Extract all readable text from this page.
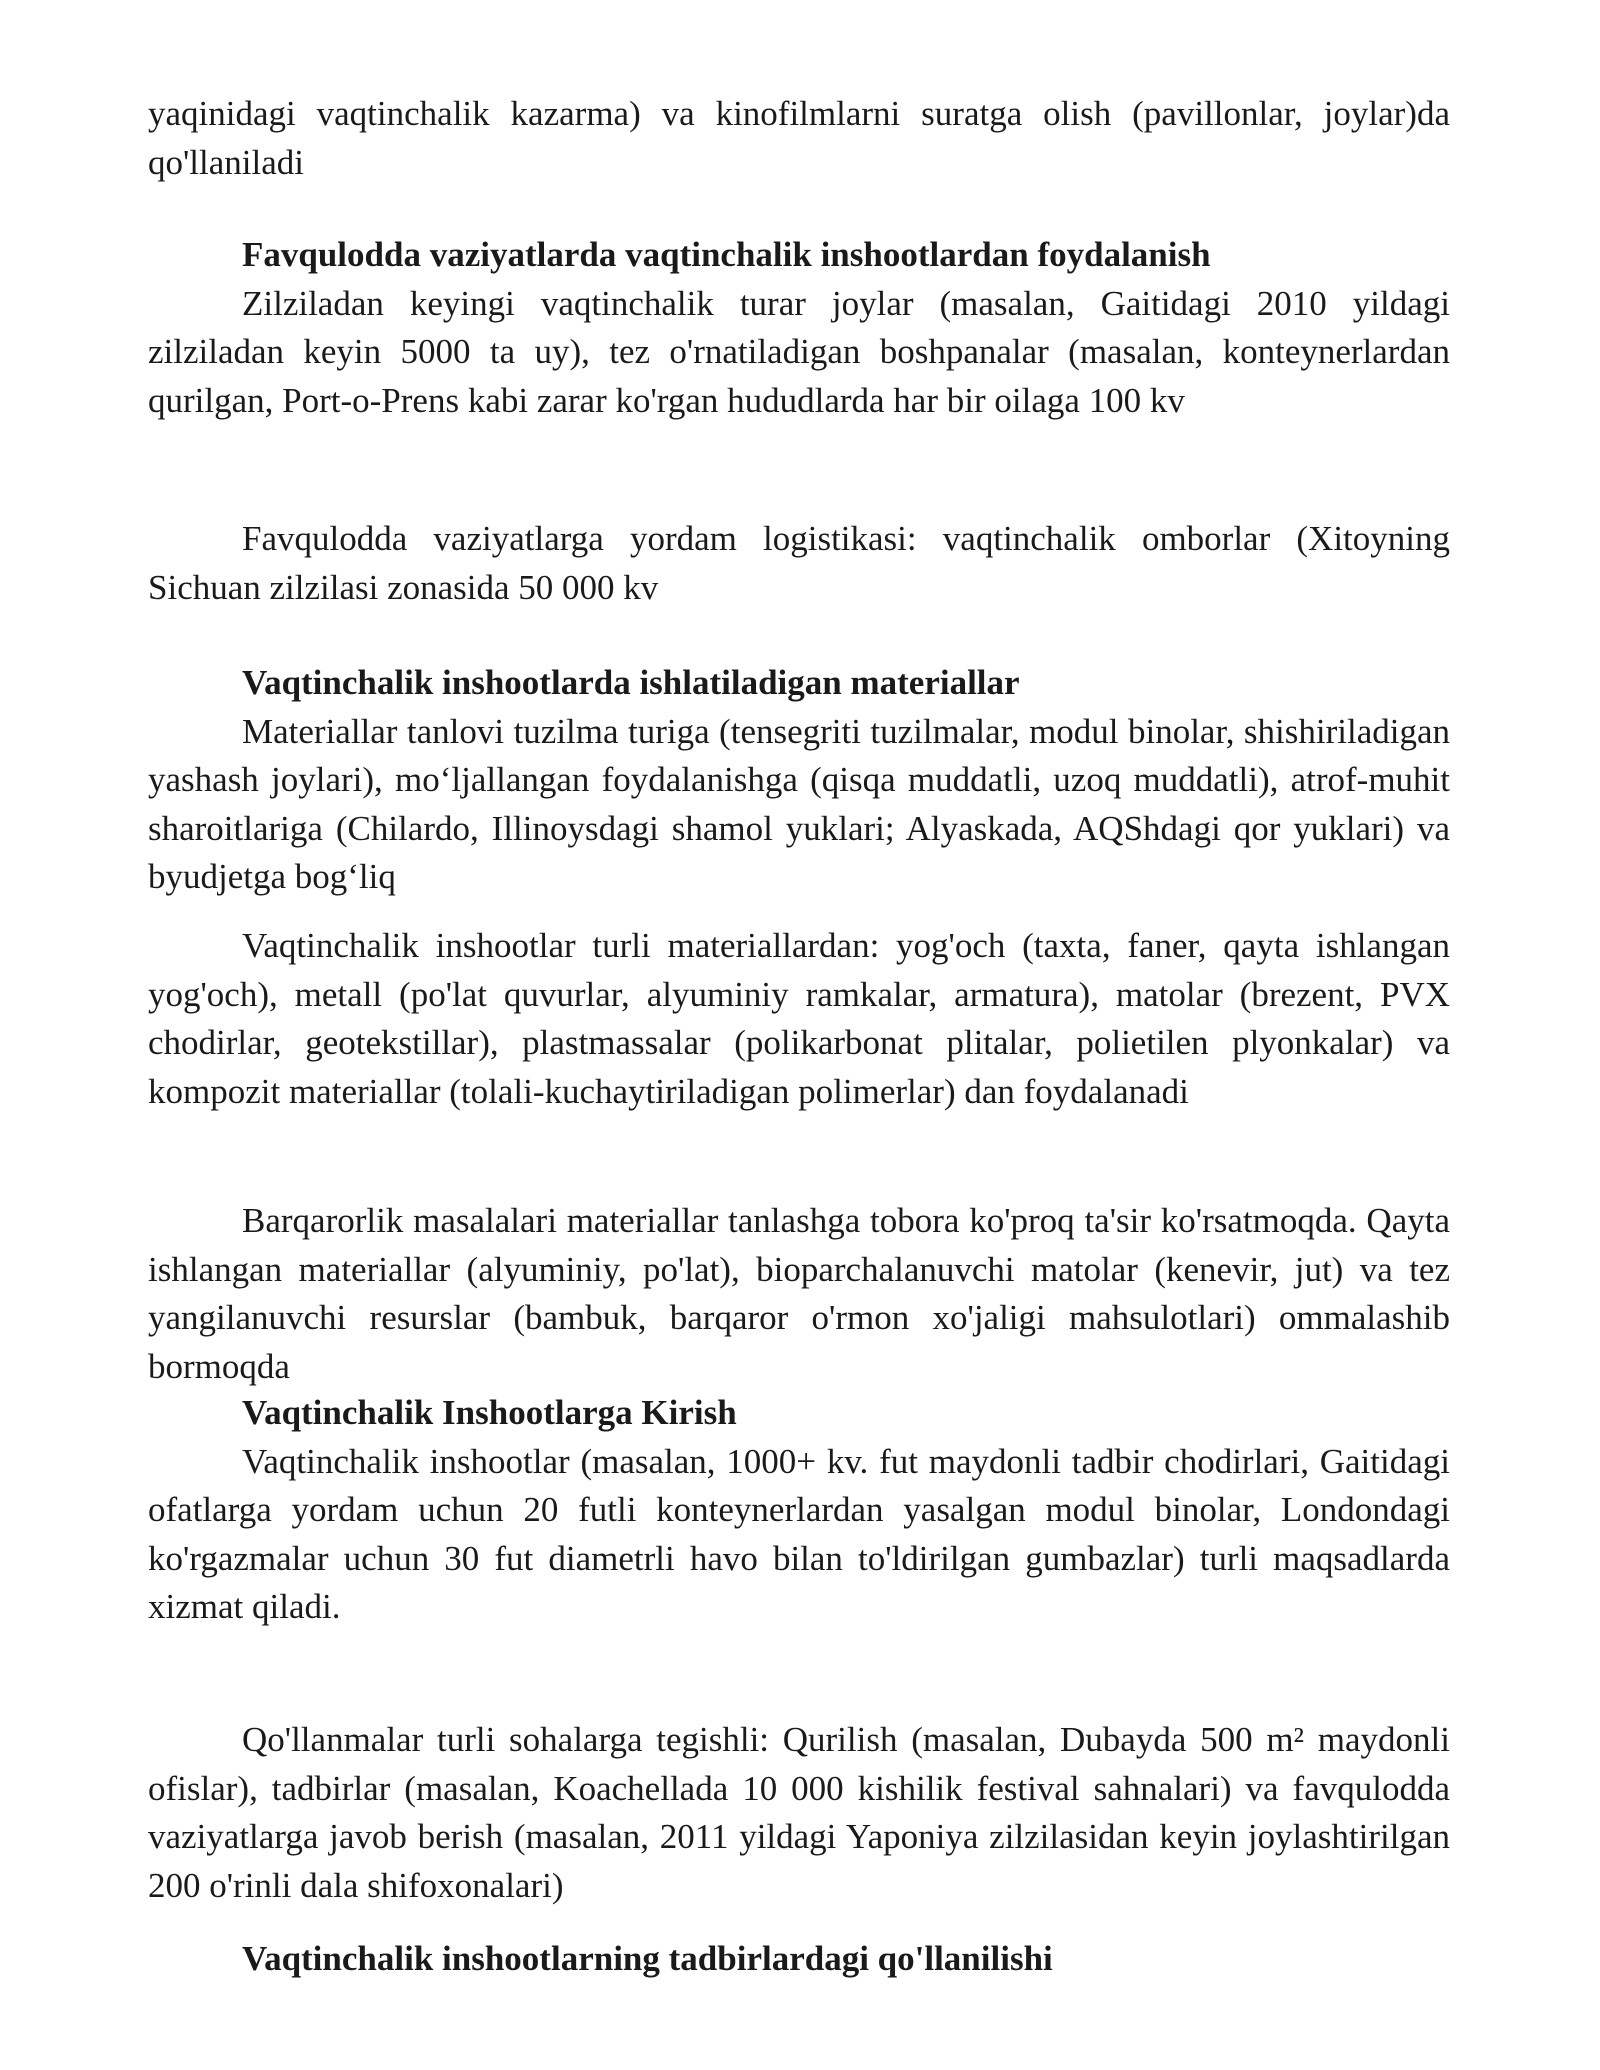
yaqinidagi vaqtinchalik kazarma) va kinofilmlarni suratga olish (pavillonlar, joylar)da qo'llaniladi

Favqulodda vaziyatlarda vaqtinchalik inshootlardan foydalanish

Zilziladan keyingi vaqtinchalik turar joylar (masalan, Gaitidagi 2010 yildagi zilziladan keyin 5000 ta uy), tez o'rnatiladigan boshpanalar (masalan, konteynerlardan qurilgan, Port-o-Prens kabi zarar ko'rgan hududlarda har bir oilaga 100 kv

Favqulodda vaziyatlarga yordam logistikasi: vaqtinchalik omborlar (Xitoyning Sichuan zilzilasi zonasida 50 000 kv

Vaqtinchalik inshootlarda ishlatiladigan materiallar

Materiallar tanlovi tuzilma turiga (tensegriti tuzilmalar, modul binolar, shishiriladigan yashash joylari), mo‘ljallangan foydalanishga (qisqa muddatli, uzoq muddatli), atrof-muhit sharoitlariga (Chilardo, Illinoysdagi shamol yuklari; Alyaskada, AQShdagi qor yuklari) va byudjetga bog‘liq

Vaqtinchalik inshootlar turli materiallardan: yog'och (taxta, faner, qayta ishlangan yog'och), metall (po'lat quvurlar, alyuminiy ramkalar, armatura), matolar (brezent, PVX chodirlar, geotekstillar), plastmassalar (polikarbonat plitalar, polietilen plyonkalar) va kompozit materiallar (tolali-kuchaytiriladigan polimerlar) dan foydalanadi

Barqarorlik masalalari materiallar tanlashga tobora ko'proq ta'sir ko'rsatmoqda. Qayta ishlangan materiallar (alyuminiy, po'lat), bioparchalanuvchi matolar (kenevir, jut) va tez yangilanuvchi resurslar (bambuk, barqaror o'rmon xo'jaligi mahsulotlari) ommalashib bormoqda

Vaqtinchalik Inshootlarga Kirish

Vaqtinchalik inshootlar (masalan, 1000+ kv. fut maydonli tadbir chodirlari, Gaitidagi ofatlarga yordam uchun 20 futli konteynerlardan yasalgan modul binolar, Londondagi ko'rgazmalar uchun 30 fut diametrli havo bilan to'ldirilgan gumbazlar) turli maqsadlarda xizmat qiladi.

Qo'llanmalar turli sohalarga tegishli: Qurilish (masalan, Dubayda 500 m² maydonli ofislar), tadbirlar (masalan, Koachellada 10 000 kishilik festival sahnalari) va favqulodda vaziyatlarga javob berish (masalan, 2011 yildagi Yaponiya zilzilasidan keyin joylashtirilgan 200 o'rinli dala shifoxonalari)

Vaqtinchalik inshootlarning tadbirlardagi qo'llanilishi
